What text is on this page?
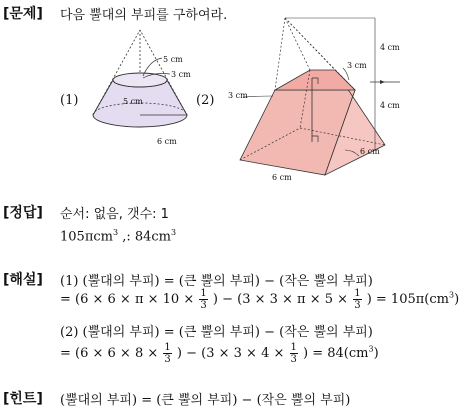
[문제] 다음 뿔대의 부피를 구하여라.
(1)
5 cm
3 cm
5 cm
6 cm
(2)
3 cm
3 cm
4 cm
4 cm
6 cm
6 cm
[정답] 순서: 없음, 갯수: 1
105πcm$^3$ ,: $84cm^3$
[해설] (1) (뿔대의 부피) = (큰 뿔의 부피) − (작은 뿔의 부피)
= ($6 \times 6 \times \pi \times 10 \times \frac{1}{3}$ ) − ($3 \times 3 \times \pi \times 5 \times \frac{1}{3}$ ) = $105\pi(cm^3)$
(2) (뿔대의 부피) = (큰 뿔의 부피) − (작은 뿔의 부피)
= ($6 \times 6 \times 8 \times \frac{1}{3}$ ) − ($3 \times 3 \times 4 \times \frac{1}{3}$ ) = $84(cm^3)$
[힌트] (뿔대의 부피) = (큰 뿔의 부피) − (작은 뿔의 부피)
